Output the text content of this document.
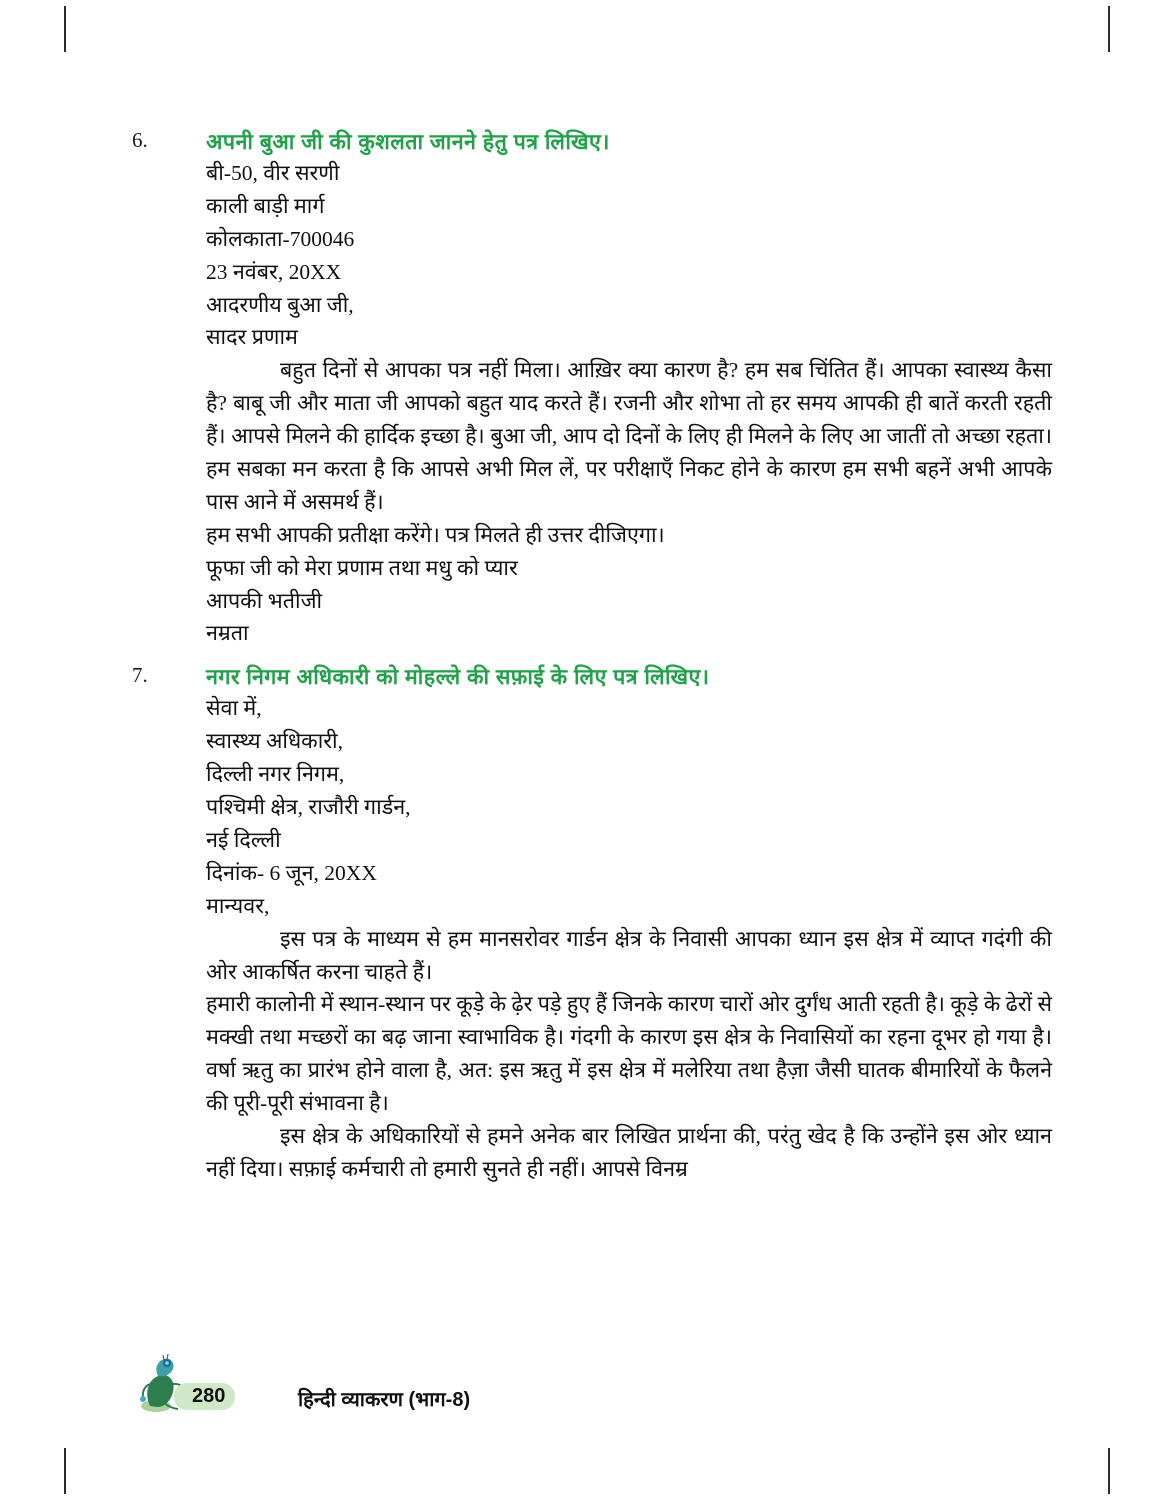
6.	अपनी बुआ जी की कुशलता जानने हेतु पत्र लिखिए।
बी-50, वीर सरणी
काली बाड़ी मार्ग
कोलकाता-700046
23 नवंबर, 20XX
आदरणीय बुआ जी,
सादर प्रणाम
बहुत दिनों से आपका पत्र नहीं मिला। आख़िर क्या कारण है? हम सब चिंतित हैं। आपका स्वास्थ्य कैसा है? बाबू जी और माता जी आपको बहुत याद करते हैं। रजनी और शोभा तो हर समय आपकी ही बातें करती रहती हैं। आपसे मिलने की हार्दिक इच्छा है। बुआ जी, आप दो दिनों के लिए ही मिलने के लिए आ जातीं तो अच्छा रहता। हम सबका मन करता है कि आपसे अभी मिल लें, पर परीक्षाएँ निकट होने के कारण हम सभी बहनें अभी आपके पास आने में असमर्थ हैं।
हम सभी आपकी प्रतीक्षा करेंगे। पत्र मिलते ही उत्तर दीजिएगा।
फूफा जी को मेरा प्रणाम तथा मधु को प्यार
आपकी भतीजी
नम्रता
7.	नगर निगम अधिकारी को मोहल्ले की सफ़ाई के लिए पत्र लिखिए।
सेवा में,
स्वास्थ्य अधिकारी,
दिल्ली नगर निगम,
पश्चिमी क्षेत्र, राजौरी गार्डन,
नई दिल्ली
दिनांक- 6 जून, 20XX
मान्यवर,
इस पत्र के माध्यम से हम मानसरोवर गार्डन क्षेत्र के निवासी आपका ध्यान इस क्षेत्र में व्याप्त गदंगी की ओर आकर्षित करना चाहते हैं।
हमारी कालोनी में स्थान-स्थान पर कूड़े के ढ़ेर पड़े हुए हैं जिनके कारण चारों ओर दुर्गंध आती रहती है। कूड़े के ढेरों से मक्खी तथा मच्छरों का बढ़ जाना स्वाभाविक है। गंदगी के कारण इस क्षेत्र के निवासियों का रहना दूभर हो गया है। वर्षा ऋतु का प्रारंभ होने वाला है, अत: इस ऋतु में इस क्षेत्र में मलेरिया तथा हैज़ा जैसी घातक बीमारियों के फैलने की पूरी-पूरी संभावना है।
इस क्षेत्र के अधिकारियों से हमने अनेक बार लिखित प्रार्थना की, परंतु खेद है कि उन्होंने इस ओर ध्यान नहीं दिया। सफ़ाई कर्मचारी तो हमारी सुनते ही नहीं। आपसे विनम्र
280	हिन्दी व्याकरण (भाग-8)
